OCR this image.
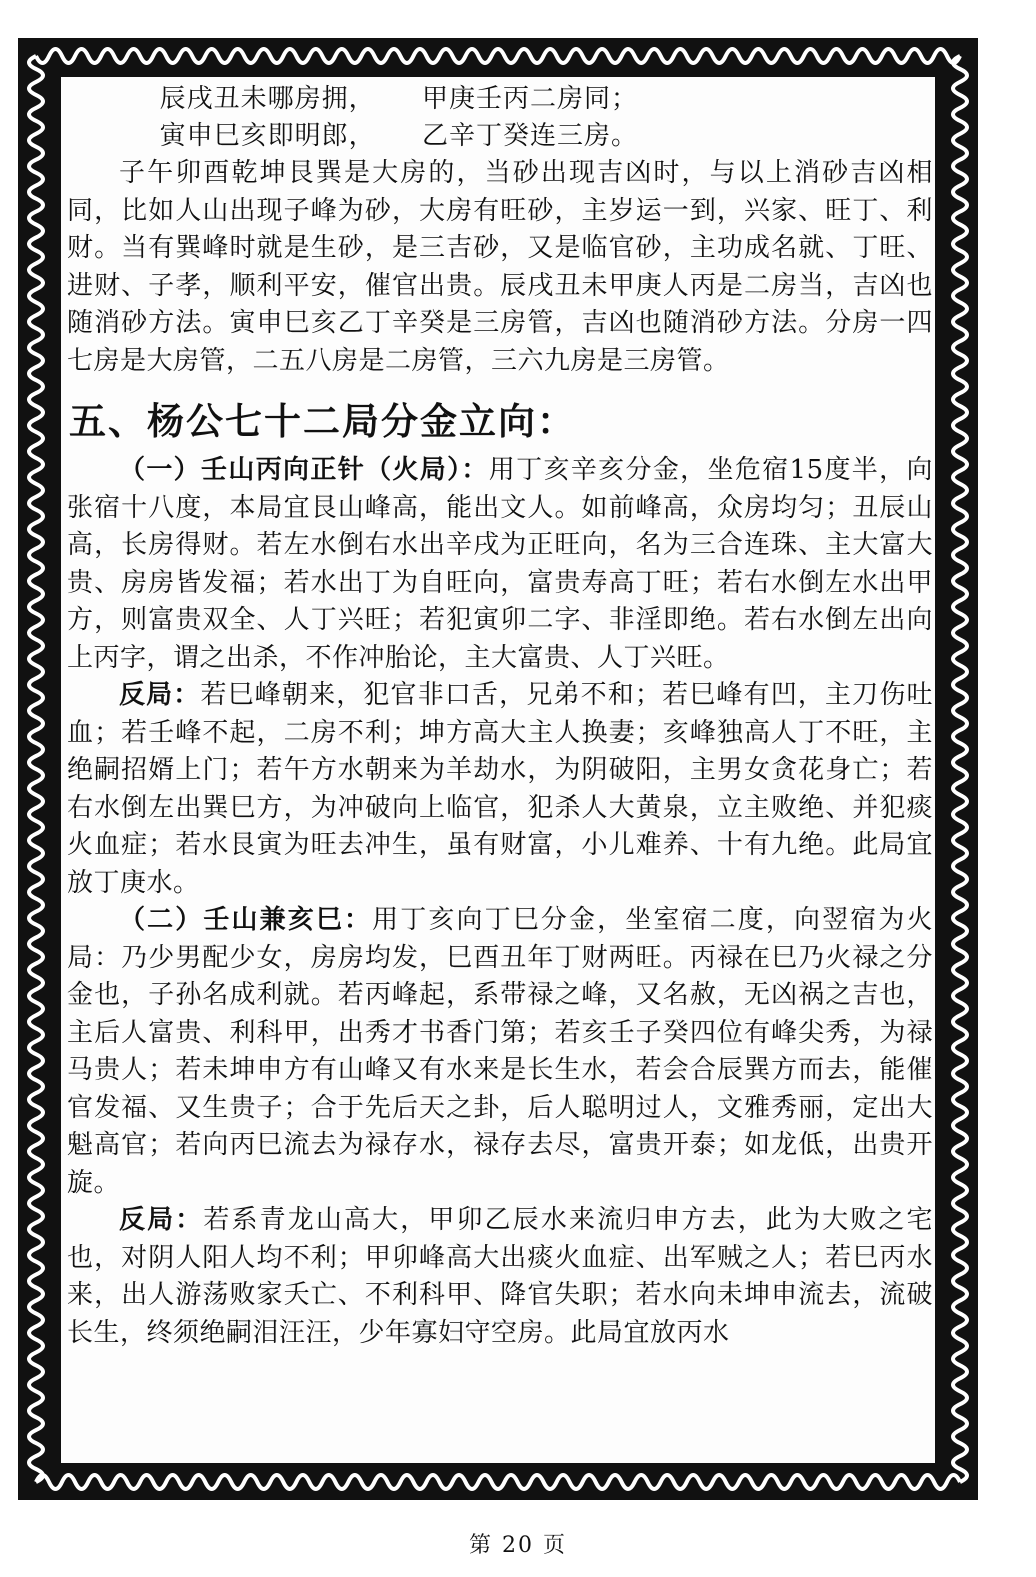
辰戌丑未哪房拥， 甲庚壬丙二房同；
寅申巳亥即明郎， 乙辛丁癸连三房。

子午卯酉乾坤艮巽是大房的，当砂出现吉凶时，与以上消砂吉凶相同，比如人山出现子峰为砂，大房有旺砂，主岁运一到，兴家、旺丁、利财。当有巽峰时就是生砂，是三吉砂，又是临官砂，主功成名就、丁旺、进财、子孝，顺利平安，催官出贵。辰戌丑未甲庚人丙是二房当，吉凶也随消砂方法。寅申巳亥乙丁辛癸是三房管，吉凶也随消砂方法。分房一四七房是大房管，二五八房是二房管，三六九房是三房管。

五、杨公七十二局分金立向：

（一）壬山丙向正针（火局）：用丁亥辛亥分金，坐危宿15度半，向张宿十八度，本局宜艮山峰高，能出文人。如前峰高，众房均匀；丑辰山高，长房得财。若左水倒右水出辛戌为正旺向，名为三合连珠、主大富大贵、房房皆发福；若水出丁为自旺向，富贵寿高丁旺；若右水倒左水出甲方，则富贵双全、人丁兴旺；若犯寅卯二字、非淫即绝。若右水倒左出向上丙字，谓之出杀，不作冲胎论，主大富贵、人丁兴旺。

反局：若巳峰朝来，犯官非口舌，兄弟不和；若巳峰有凹，主刀伤吐血；若壬峰不起，二房不利；坤方高大主人换妻；亥峰独高人丁不旺，主绝嗣招婿上门；若午方水朝来为羊劫水，为阴破阳，主男女贪花身亡；若右水倒左出巽巳方，为冲破向上临官，犯杀人大黄泉，立主败绝、并犯痰火血症；若水艮寅为旺去冲生，虽有财富，小儿难养、十有九绝。此局宜放丁庚水。

（二）壬山兼亥巳：用丁亥向丁巳分金，坐室宿二度，向翌宿为火局：乃少男配少女，房房均发，巳酉丑年丁财两旺。丙禄在巳乃火禄之分金也，子孙名成利就。若丙峰起，系带禄之峰，又名赦，无凶祸之吉也，主后人富贵、利科甲，出秀才书香门第；若亥壬子癸四位有峰尖秀，为禄马贵人；若未坤申方有山峰又有水来是长生水，若会合辰巽方而去，能催官发福、又生贵子；合于先后天之卦，后人聪明过人，文雅秀丽，定出大魁高官；若向丙巳流去为禄存水，禄存去尽，富贵开泰；如龙低，出贵开旋。

反局：若系青龙山高大，甲卯乙辰水来流归申方去，此为大败之宅也，对阴人阳人均不利；甲卯峰高大出痰火血症、出军贼之人；若巳丙水来，出人游荡败家夭亡、不利科甲、降官失职；若水向未坤申流去，流破长生，终须绝嗣泪汪汪，少年寡妇守空房。此局宜放丙水

第 20 页
